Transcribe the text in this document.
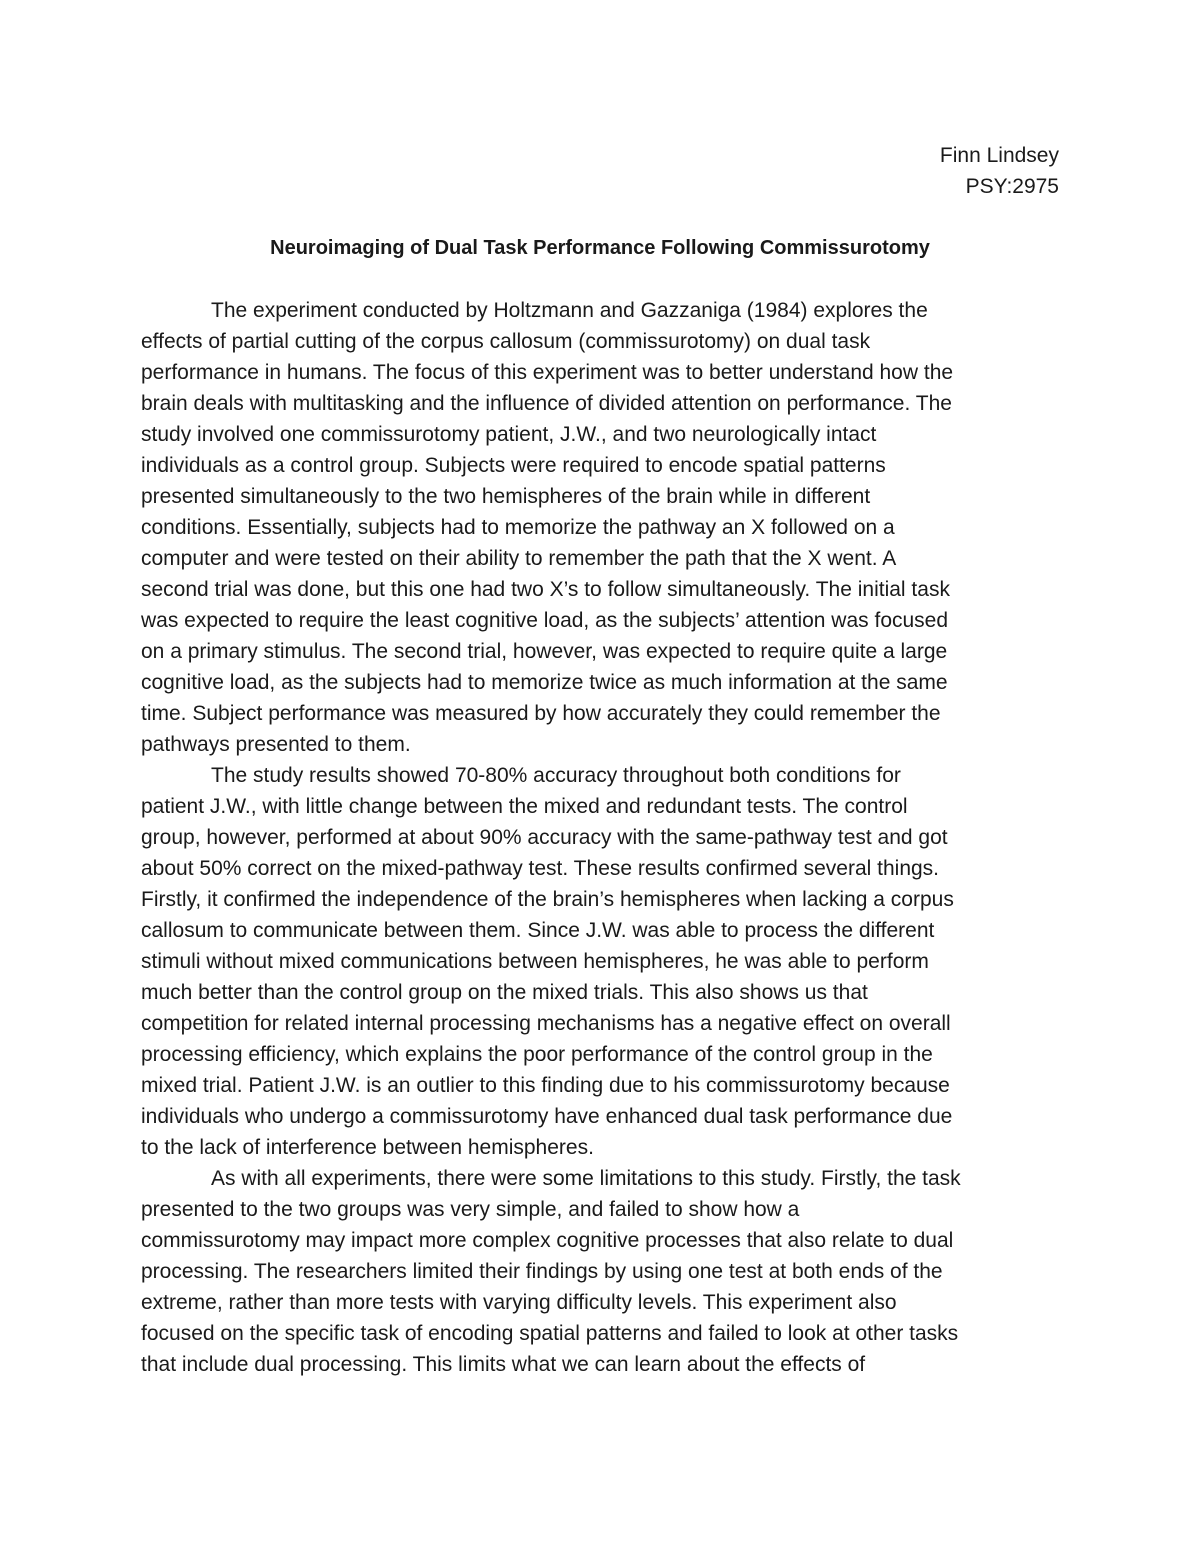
Finn Lindsey
PSY:2975
Neuroimaging of Dual Task Performance Following Commissurotomy
The experiment conducted by Holtzmann and Gazzaniga (1984) explores the
effects of partial cutting of the corpus callosum (commissurotomy) on dual task
performance in humans. The focus of this experiment was to better understand how the
brain deals with multitasking and the influence of divided attention on performance. The
study involved one commissurotomy patient, J.W., and two neurologically intact
individuals as a control group. Subjects were required to encode spatial patterns
presented simultaneously to the two hemispheres of the brain while in different
conditions. Essentially, subjects had to memorize the pathway an X followed on a
computer and were tested on their ability to remember the path that the X went. A
second trial was done, but this one had two X’s to follow simultaneously. The initial task
was expected to require the least cognitive load, as the subjects’ attention was focused
on a primary stimulus. The second trial, however, was expected to require quite a large
cognitive load, as the subjects had to memorize twice as much information at the same
time. Subject performance was measured by how accurately they could remember the
pathways presented to them.
The study results showed 70-80% accuracy throughout both conditions for
patient J.W., with little change between the mixed and redundant tests. The control
group, however, performed at about 90% accuracy with the same-pathway test and got
about 50% correct on the mixed-pathway test. These results confirmed several things.
Firstly, it confirmed the independence of the brain’s hemispheres when lacking a corpus
callosum to communicate between them. Since J.W. was able to process the different
stimuli without mixed communications between hemispheres, he was able to perform
much better than the control group on the mixed trials. This also shows us that
competition for related internal processing mechanisms has a negative effect on overall
processing efficiency, which explains the poor performance of the control group in the
mixed trial. Patient J.W. is an outlier to this finding due to his commissurotomy because
individuals who undergo a commissurotomy have enhanced dual task performance due
to the lack of interference between hemispheres.
As with all experiments, there were some limitations to this study. Firstly, the task
presented to the two groups was very simple, and failed to show how a
commissurotomy may impact more complex cognitive processes that also relate to dual
processing. The researchers limited their findings by using one test at both ends of the
extreme, rather than more tests with varying difficulty levels. This experiment also
focused on the specific task of encoding spatial patterns and failed to look at other tasks
that include dual processing. This limits what we can learn about the effects of
